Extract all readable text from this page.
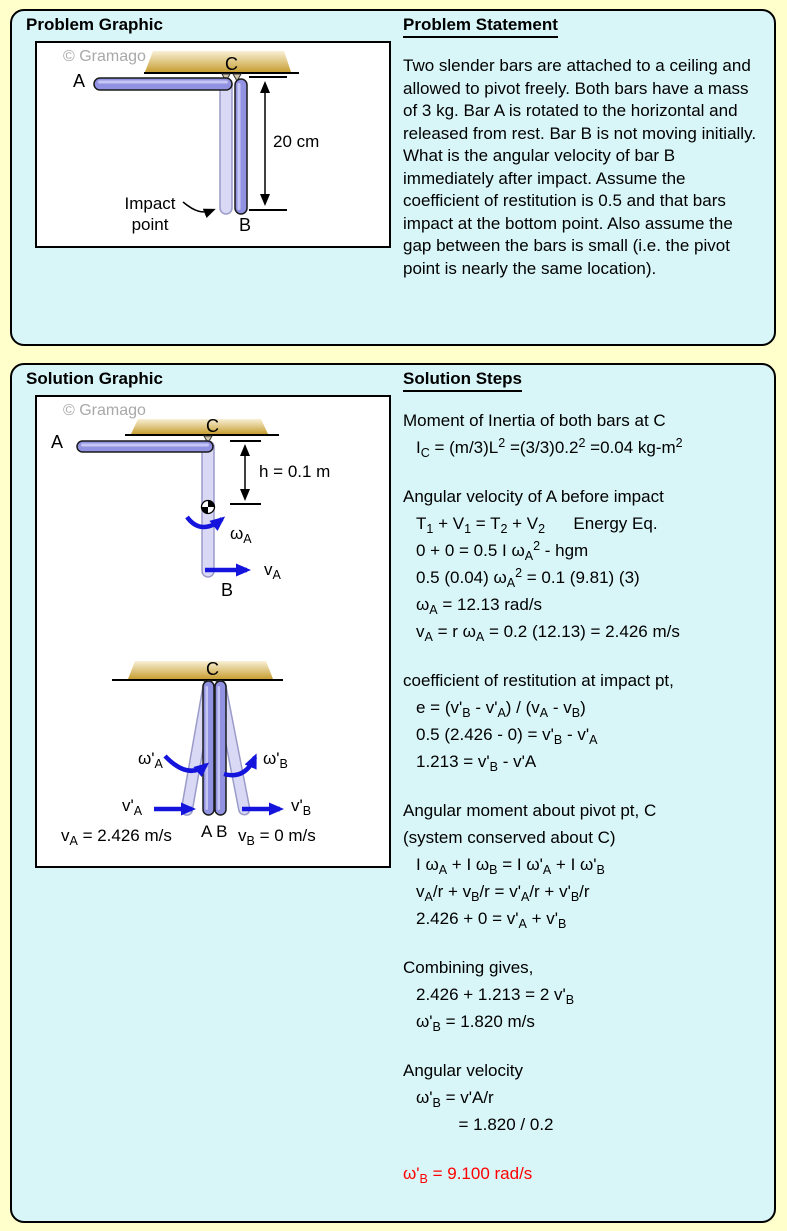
Problem Graphic
© Gramago
A
C
B
20 cm
Impact
point
Problem Statement
Two slender bars are attached to a ceiling and allowed to pivot freely. Both bars have a mass of 3 kg. Bar A is rotated to the horizontal and released from rest. Bar B is not moving initially. What is the angular velocity of bar B immediately after impact. Assume the coefficient of restitution is 0.5 and that bars impact at the bottom point. Also assume the gap between the bars is small (i.e. the pivot point is nearly the same location).
Solution Graphic
© Gramago
A
C
h = 0.1 m
$\omega_A$
$v_A$
B
C
$\omega'_A$	$\omega'_B$
$v'_A$	$v'_B$
$v_A = 2.426$ m/s A B $v_B = 0$ m/s
Solution Steps
Moment of Inertia of both bars at C
$I_C = (m/3)L^2 =(3/3)0.2^2 =0.04$ $kg-m^2$
Angular velocity of A before impact
$T_1 + V_1 = T_2 + V_2$      Energy Eq.
0 + 0 = 0.5 I $\omega_A^2$ - hgm
0.5 (0.04) $\omega_A^2 = 0.1$ (9.81) (3)
$\omega_A = 12.13$ rad/s
$v_A = r$ $\omega_A = 0.2$ (12.13) = 2.426 m/s
coefficient of restitution at impact pt,
$e = (v'_B - v'_A) / (v_A - v_B)$
0.5 $(2.426 - 0) = v'_B - v'_A$
$1.213 = v'_B - v'A$
Angular moment about pivot pt, C
(system conserved about C)
I $\omega_A + I$ $\omega_B = I$ $\omega'_A + I$ $\omega'_B$
$v_A/r + v_B/r = v'_A/r + v'_B/r$
$2.426 + 0 = v'_A + v'_B$
Combining gives,
2.426 + 1.213 = 2 $v'_B$
$\omega'_B = 1.820$ m/s
Angular velocity
$\omega'_B = v'A/r$
= 1.820 / 0.2
$\omega'_B = 9.100$ rad/s
